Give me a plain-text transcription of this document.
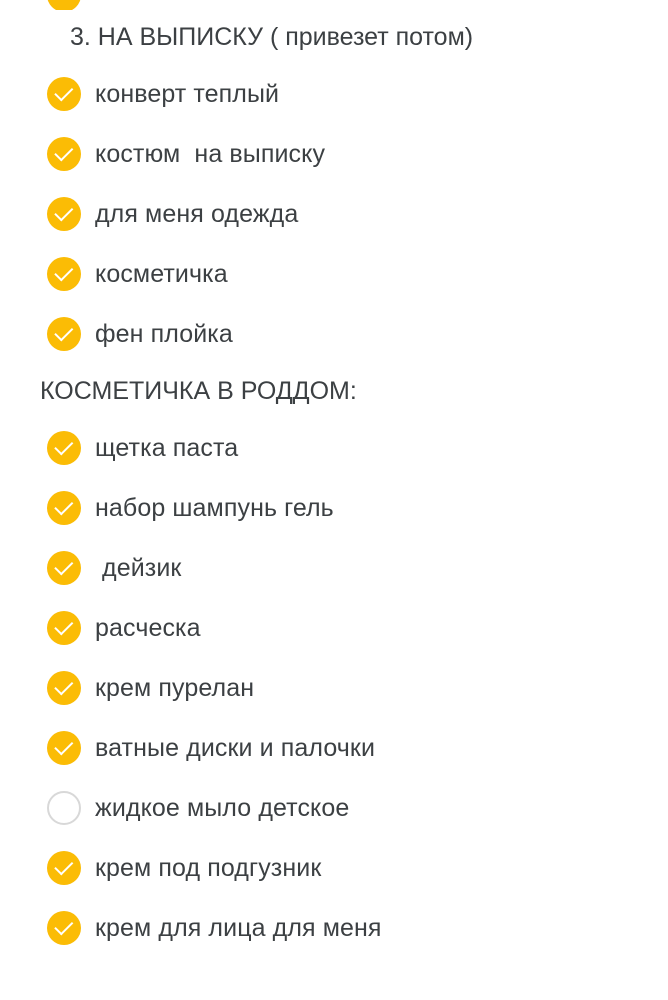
3. НА ВЫПИСКУ ( привезет потом)
конверт теплый
костюм  на выписку
для меня одежда
косметичка
фен плойка
КОСМЕТИЧКА В РОДДОМ:
щетка паста
набор шампунь гель
дейзик
расческа
крем пурелан
ватные диски и палочки
жидкое мыло детское
крем под подгузник
крем для лица для меня
